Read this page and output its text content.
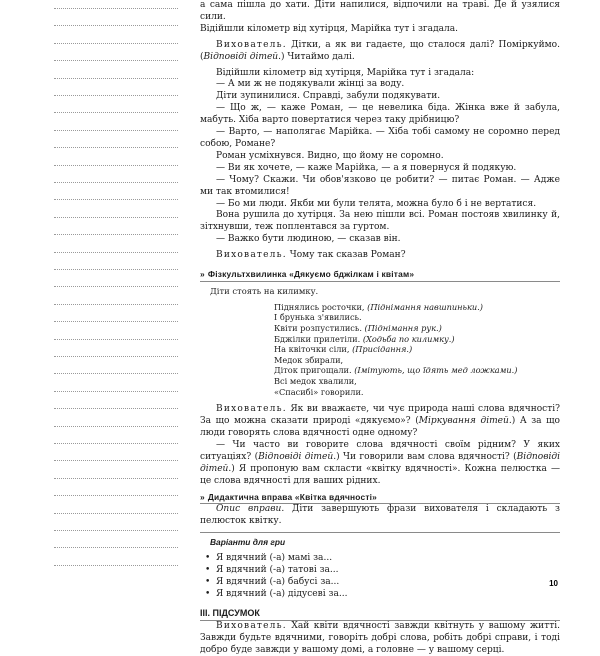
а сама пішла до хати. Діти напилися, відпочили на траві. Де й узялися сили.
Відійшли кілометр від хутірця, Марійка тут і згадала.
Вихователь. Дітки, а як ви гадаєте, що сталося далі? Поміркуймо. (Відповіді дітей.) Читаймо далі.
Відійшли кілометр від хутірця, Марійка тут і згадала:
— А ми ж не подякували жінці за воду.
Діти зупинилися. Справді, забули подякувати.
— Що ж, — каже Роман, — це невелика біда. Жінка вже й забула, мабуть. Хіба варто повертатися через таку дрібницю?
— Варто, — наполягає Марійка. — Хіба тобі самому не соромно перед собою, Романе?
Роман усміхнувся. Видно, що йому не соромно.
— Ви як хочете, — каже Марійка, — а я повернуся й подякую.
— Чому? Скажи. Чи обов'язково це робити? — питає Роман. — Адже ми так втомилися!
— Бо ми люди. Якби ми були телята, можна було б і не вертатися.
Вона рушила до хутірця. За нею пішли всі. Роман постояв хвилинку й, зітхнувши, теж поплентався за гуртом.
— Важко бути людиною, — сказав він.
Вихователь. Чому так сказав Роман?
» Фізкультхвилинка «Дякуємо бджілкам і квітам»
Діти стоять на килимку.
Піднялись росточки, (Піднімання навшпиньки.)
І брунька з'явились.
Квіти розпустились. (Піднімання рук.)
Бджілки прилетіли. (Ходьба по килимку.)
На квіточки сіли, (Присідання.)
Медок збирали,
Діток пригощали. (Імітують, що їдять мед ложками.)
Всі медок хвалили,
«Спасибі» говорили.
Вихователь. Як ви вважаєте, чи чує природа наші слова вдячності? За що можна сказати природі «дякуємо»? (Міркування дітей.) А за що люди говорять слова вдячності одне одному?
— Чи часто ви говорите слова вдячності своїм рідним? У яких ситуаціях? (Відповіді дітей.) Чи говорили вам слова вдячності? (Відповіді дітей.) Я пропоную вам скласти «квітку вдячності». Кожна пелюстка — це слова вдячності для ваших рідних.
» Дидактична вправа «Квітка вдячності»
Опис вправи. Діти завершують фрази вихователя і складають з пелюсток квітку.
Варіанти для гри
• Я вдячний (-а) мамі за...
• Я вдячний (-а) татові за...
• Я вдячний (-а) бабусі за...
• Я вдячний (-а) дідусеві за...
III. ПІДСУМОК
Вихователь. Хай квіти вдячності завжди квітнуть у вашому житті. Завжди будьте вдячними, говоріть добрі слова, робіть добрі справи, і тоді добро буде завжди у вашому домі, а головне — у вашому серці.
10
